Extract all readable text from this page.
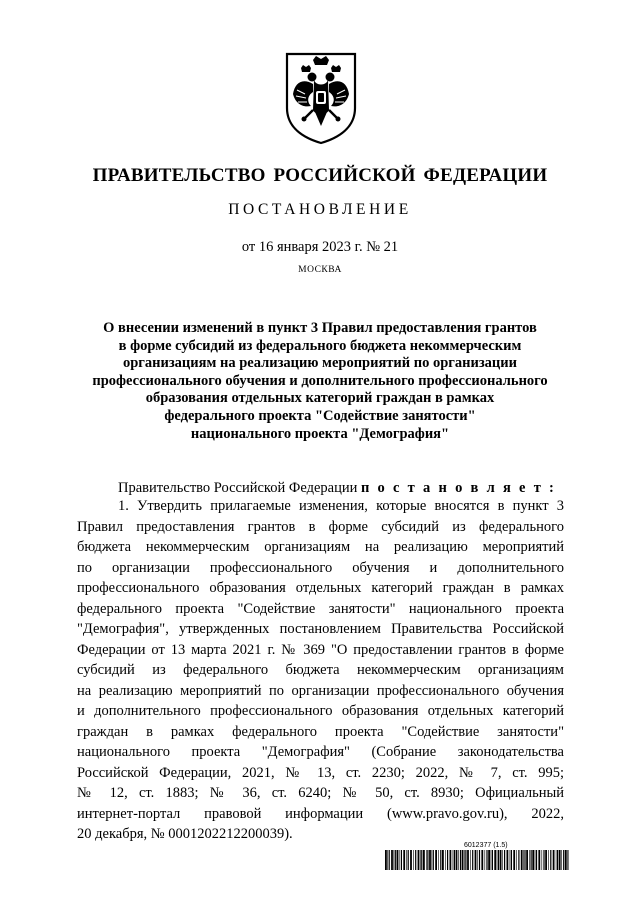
ПРАВИТЕЛЬСТВО РОССИЙСКОЙ ФЕДЕРАЦИИ
ПОСТАНОВЛЕНИЕ
от 16 января 2023 г. № 21
МОСКВА
О внесении изменений в пункт 3 Правил предоставления грантов
в форме субсидий из федерального бюджета некоммерческим
организациям на реализацию мероприятий по организации
профессионального обучения и дополнительного профессионального
образования отдельных категорий граждан в рамках
федерального проекта "Содействие занятости"
национального проекта "Демография"
Правительство Российской Федерации п о с т а н о в л я е т :
1. Утвердить прилагаемые изменения, которые вносятся в пункт 3
Правил предоставления грантов в форме субсидий из федерального
бюджета некоммерческим организациям на реализацию мероприятий
по организации профессионального обучения и дополнительного
профессионального образования отдельных категорий граждан в рамках
федерального проекта "Содействие занятости" национального проекта
"Демография", утвержденных постановлением Правительства Российской
Федерации от 13 марта 2021 г. № 369 "О предоставлении грантов в форме
субсидий из федерального бюджета некоммерческим организациям
на реализацию мероприятий по организации профессионального обучения
и дополнительного профессионального образования отдельных категорий
граждан в рамках федерального проекта "Содействие занятости"
национального проекта "Демография" (Собрание законодательства
Российской Федерации, 2021, № 13, ст. 2230; 2022, № 7, ст. 995;
№ 12, ст. 1883; № 36, ст. 6240; № 50, ст. 8930; Официальный
интернет-портал правовой информации (www.pravo.gov.ru), 2022,
20 декабря, № 0001202212200039).
6012377 (1.5)
